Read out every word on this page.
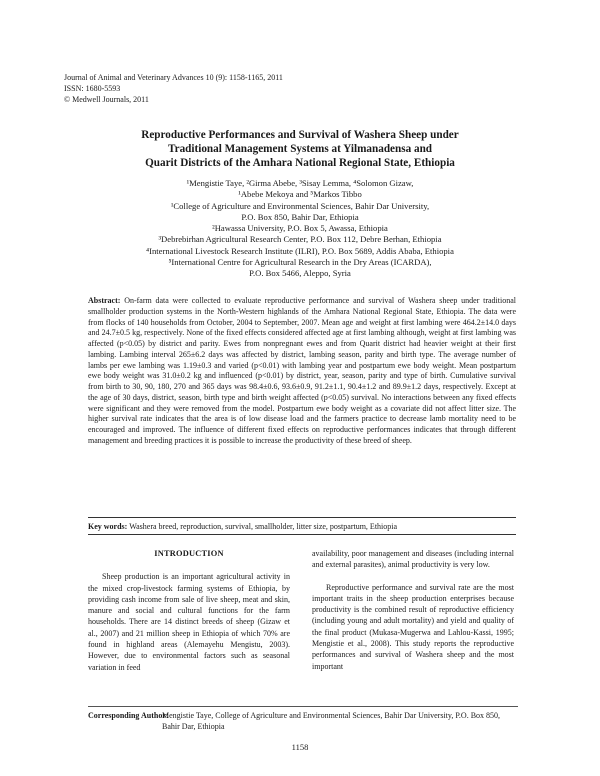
Journal of Animal and Veterinary Advances 10 (9): 1158-1165, 2011
ISSN: 1680-5593
© Medwell Journals, 2011
Reproductive Performances and Survival of Washera Sheep under
Traditional Management Systems at Yilmanadensa and
Quarit Districts of the Amhara National Regional State, Ethiopia
¹Mengistie Taye, ²Girma Abebe, ³Sisay Lemma, ⁴Solomon Gizaw,
¹Abebe Mekoya and ⁵Markos Tibbo
¹College of Agriculture and Environmental Sciences, Bahir Dar University,
P.O. Box 850, Bahir Dar, Ethiopia
²Hawassa University, P.O. Box 5, Awassa, Ethiopia
³Debrebirhan Agricultural Research Center, P.O. Box 112, Debre Berhan, Ethiopia
⁴International Livestock Research Institute (ILRI), P.O. Box 5689, Addis Ababa, Ethiopia
⁵International Centre for Agricultural Research in the Dry Areas (ICARDA),
P.O. Box 5466, Aleppo, Syria
Abstract: On-farm data were collected to evaluate reproductive performance and survival of Washera sheep under traditional smallholder production systems in the North-Western highlands of the Amhara National Regional State, Ethiopia. The data were from flocks of 140 households from October, 2004 to September, 2007. Mean age and weight at first lambing were 464.2±14.0 days and 24.7±0.5 kg, respectively. None of the fixed effects considered affected age at first lambing although, weight at first lambing was affected (p<0.05) by district and parity. Ewes from nonpregnant ewes and from Quarit district had heavier weight at their first lambing. Lambing interval 265±6.2 days was affected by district, lambing season, parity and birth type. The average number of lambs per ewe lambing was 1.19±0.3 and varied (p<0.01) with lambing year and postpartum ewe body weight. Mean postpartum ewe body weight was 31.0±0.2 kg and influenced (p<0.01) by district, year, season, parity and type of birth. Cumulative survival from birth to 30, 90, 180, 270 and 365 days was 98.4±0.6, 93.6±0.9, 91.2±1.1, 90.4±1.2 and 89.9±1.2 days, respectively. Except at the age of 30 days, district, season, birth type and birth weight affected (p<0.05) survival. No interactions between any fixed effects were significant and they were removed from the model. Postpartum ewe body weight as a covariate did not affect litter size. The higher survival rate indicates that the area is of low disease load and the farmers practice to decrease lamb mortality need to be encouraged and improved. The influence of different fixed effects on reproductive performances indicates that through different management and breeding practices it is possible to increase the productivity of these breed of sheep.
Key words: Washera breed, reproduction, survival, smallholder, litter size, postpartum, Ethiopia
INTRODUCTION

Sheep production is an important agricultural activity in the mixed crop-livestock farming systems of Ethiopia, by providing cash income from sale of live sheep, meat and skin, manure and social and cultural functions for the farm households. There are 14 distinct breeds of sheep (Gizaw et al., 2007) and 21 million sheep in Ethiopia of which 70% are found in highland areas (Alemayehu Mengistu, 2003). However, due to environmental factors such as seasonal variation in feed

availability, poor management and diseases (including internal and external parasites), animal productivity is very low.

Reproductive performance and survival rate are the most important traits in the sheep production enterprises because productivity is the combined result of reproductive efficiency (including young and adult mortality) and yield and quality of the final product (Mukasa-Mugerwa and Lahlou-Kassi, 1995; Mengistie et al., 2008). This study reports the reproductive performances and survival of Washera sheep and the most important

Corresponding Author:Mengistie Taye, College of Agriculture and Environmental Sciences, Bahir Dar University, P.O. Box 850,
Bahir Dar, Ethiopia
1158
